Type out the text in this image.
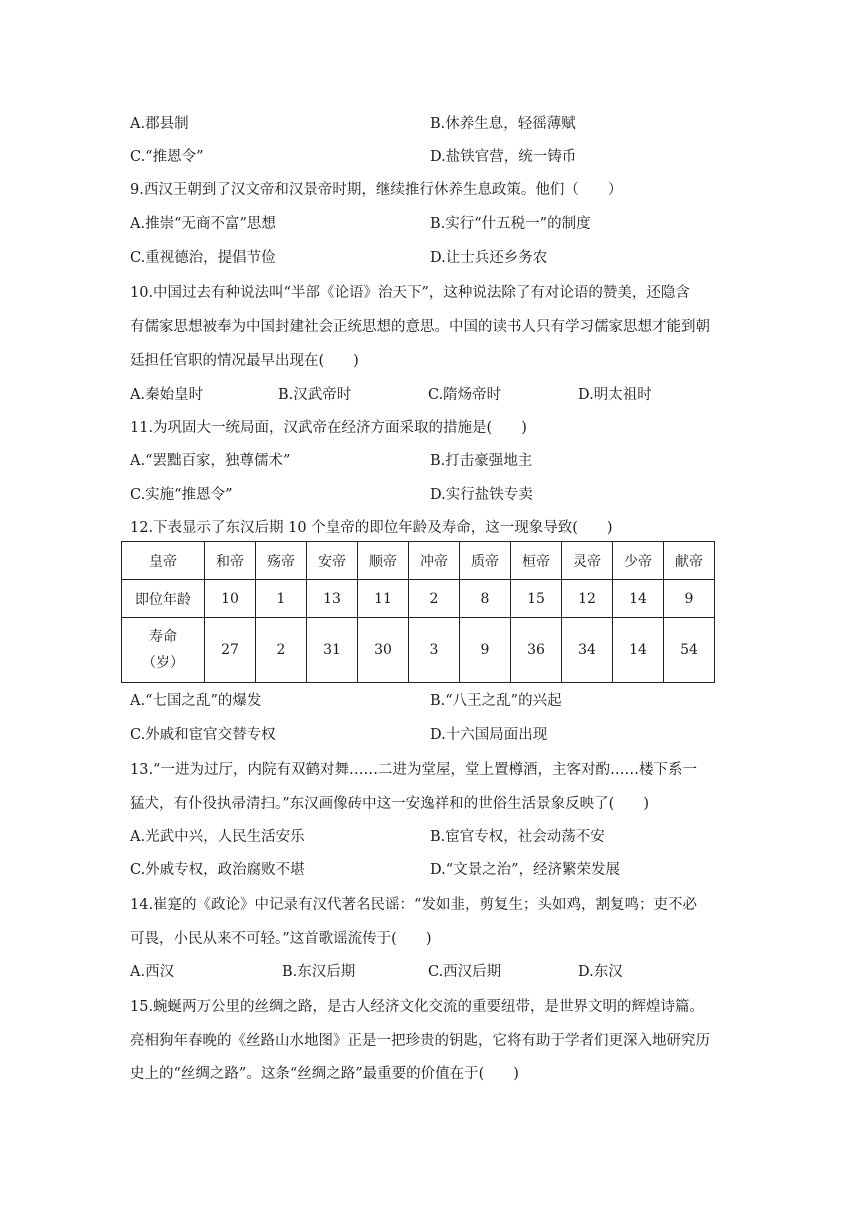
A.郡县制	B.休养生息，轻徭薄赋
C.“推恩令”	D.盐铁官营，统一铸币
9.西汉王朝到了汉文帝和汉景帝时期，继续推行休养生息政策。他们（　　）
A.推崇“无商不富”思想	B.实行“什五税一”的制度
C.重视德治，提倡节俭	D.让士兵还乡务农
10.中国过去有种说法叫“半部《论语》治天下”，这种说法除了有对论语的赞美，还隐含
有儒家思想被奉为中国封建社会正统思想的意思。中国的读书人只有学习儒家思想才能到朝
廷担任官职的情况最早出现在(　　)
A.秦始皇时	B.汉武帝时	C.隋炀帝时	D.明太祖时
11.为巩固大一统局面，汉武帝在经济方面采取的措施是(　　)
A.“罢黜百家，独尊儒术”	B.打击豪强地主
C.实施“推恩令”	D.实行盐铁专卖
12.下表显示了东汉后期 10 个皇帝的即位年龄及寿命，这一现象导致(　　)
皇帝	和帝	殇帝	安帝	顺帝	冲帝	质帝	桓帝	灵帝	少帝	献帝
即位年龄	10	1	13	11	2	8	15	12	14	9

寿命
（岁）	27	2	31	30	3	9	36	34	14	54
A.“七国之乱”的爆发	B.“八王之乱”的兴起
C.外戚和宦官交替专权	D.十六国局面出现
13.“一进为过厅，内院有双鹤对舞……二进为堂屋，堂上置樽酒，主客对酌……楼下系一
猛犬，有仆役执帚清扫。”东汉画像砖中这一安逸祥和的世俗生活景象反映了(　　)
A.光武中兴，人民生活安乐	B.宦官专权，社会动荡不安
C.外戚专权，政治腐败不堪	D.“文景之治”，经济繁荣发展
14.崔寔的《政论》中记录有汉代著名民谣：“发如韭，剪复生；头如鸡，割复鸣；吏不必
可畏，小民从来不可轻。”这首歌谣流传于(　　)
A.西汉	B.东汉后期	C.西汉后期	D.东汉
15.蜿蜒两万公里的丝绸之路，是古人经济文化交流的重要纽带，是世界文明的辉煌诗篇。
亮相狗年春晚的《丝路山水地图》正是一把珍贵的钥匙，它将有助于学者们更深入地研究历
史上的“丝绸之路”。这条“丝绸之路”最重要的价值在于(　　)
